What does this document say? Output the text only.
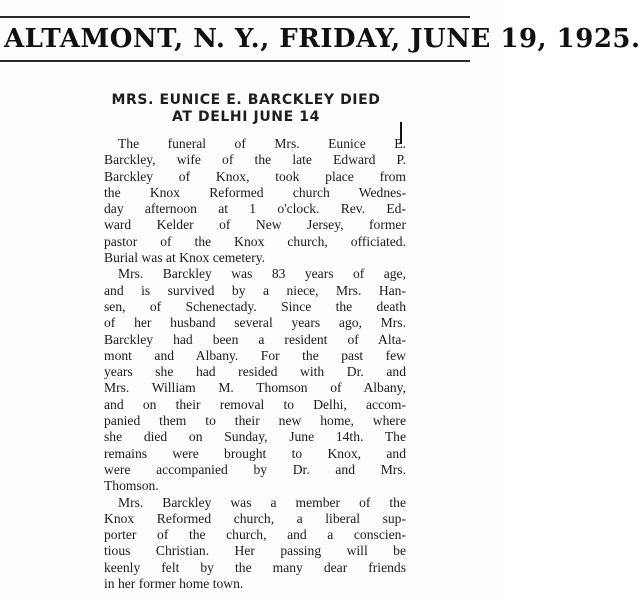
ALTAMONT, N. Y., FRIDAY, JUNE 19, 1925.
MRS. EUNICE E. BARCKLEY DIED
AT DELHI JUNE 14
The funeral of Mrs. Eunice E.
Barckley, wife of the late Edward P.
Barckley of Knox, took place from
the Knox Reformed church Wednes-
day afternoon at 1 o'clock. Rev. Ed-
ward Kelder of New Jersey, former
pastor of the Knox church, officiated.
Burial was at Knox cemetery.
Mrs. Barckley was 83 years of age,
and is survived by a niece, Mrs. Han-
sen, of Schenectady. Since the death
of her husband several years ago, Mrs.
Barckley had been a resident of Alta-
mont and Albany. For the past few
years she had resided with Dr. and
Mrs. William M. Thomson of Albany,
and on their removal to Delhi, accom-
panied them to their new home, where
she died on Sunday, June 14th. The
remains were brought to Knox, and
were accompanied by Dr. and Mrs.
Thomson.
Mrs. Barckley was a member of the
Knox Reformed church, a liberal sup-
porter of the church, and a conscien-
tious Christian. Her passing will be
keenly felt by the many dear friends
in her former home town.
